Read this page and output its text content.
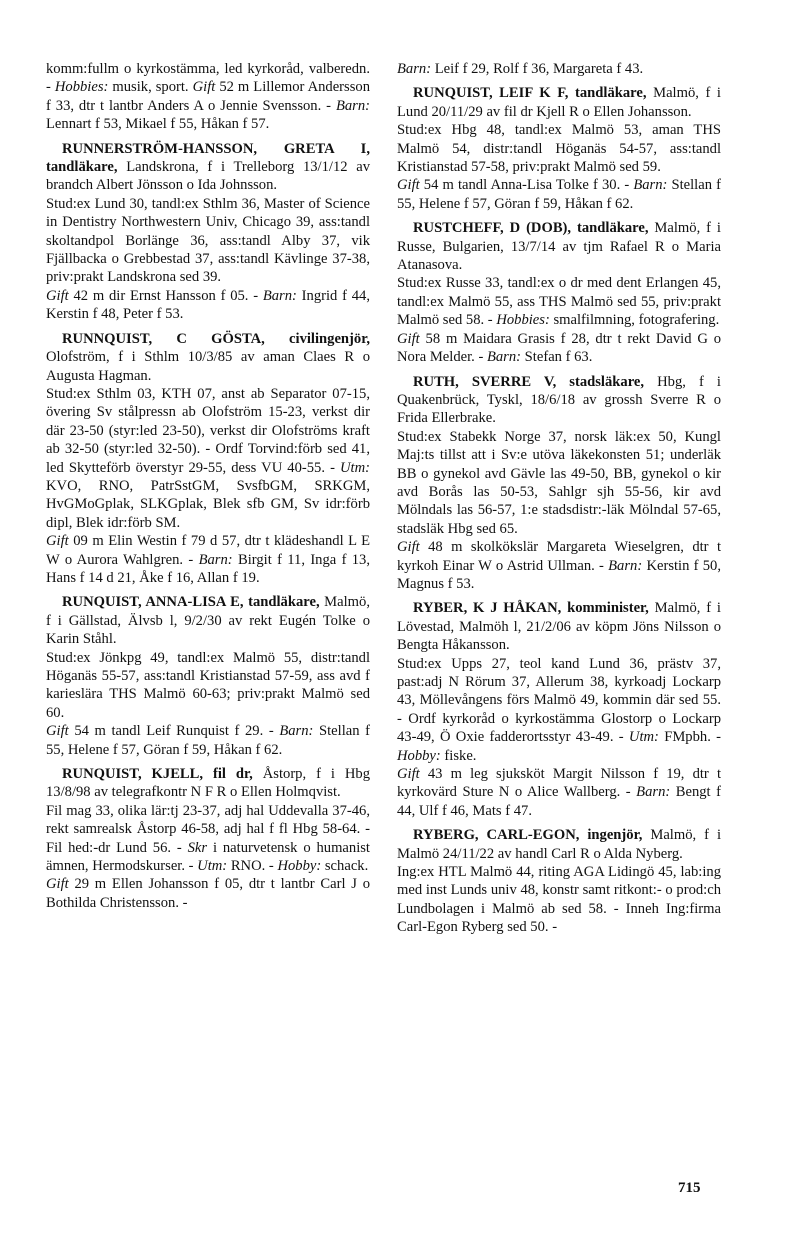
komm:fullm o kyrkostämma, led kyrkoråd, valberedn. - Hobbies: musik, sport. Gift 52 m Lillemor Andersson f 33, dtr t lantbr Anders A o Jennie Svensson. - Barn: Lennart f 53, Mikael f 55, Håkan f 57.

RUNNERSTRÖM-HANSSON, GRETA I, tandläkare, Landskrona, f i Trelleborg 13/1/12 av brandch Albert Jönsson o Ida Johnsson.

Stud:ex Lund 30, tandl:ex Sthlm 36, Master of Science in Dentistry Northwestern Univ, Chicago 39, ass:tandl skoltandpol Borlänge 36, ass:tandl Alby 37, vik Fjällbacka o Grebbestad 37, ass:tandl Kävlinge 37-38, priv:prakt Landskrona sed 39.

Gift 42 m dir Ernst Hansson f 05. - Barn: Ingrid f 44, Kerstin f 48, Peter f 53.

RUNNQUIST, C GÖSTA, civilingenjör, Olofström, f i Sthlm 10/3/85 av aman Claes R o Augusta Hagman.

Stud:ex Sthlm 03, KTH 07, anst ab Separator 07-15, övering Sv stålpressn ab Olofström 15-23, verkst dir där 23-50 (styr:led 23-50), verkst dir Olofströms kraft ab 32-50 (styr:led 32-50). - Ordf Torvind:förb sed 41, led Skytteförb överstyr 29-55, dess VU 40-55. - Utm: KVO, RNO, PatrSstGM, SvsfbGM, SRKGM, HvGMoGplak, SLKGplak, Blek sfb GM, Sv idr:förb dipl, Blek idr:förb SM.

Gift 09 m Elin Westin f 79 d 57, dtr t klädeshandl L E W o Aurora Wahlgren. - Barn: Birgit f 11, Inga f 13, Hans f 14 d 21, Åke f 16, Allan f 19.

RUNQUIST, ANNA-LISA E, tandläkare, Malmö, f i Gällstad, Älvsb l, 9/2/30 av rekt Eugén Tolke o Karin Ståhl.

Stud:ex Jönkpg 49, tandl:ex Malmö 55, distr:tandl Höganäs 55-57, ass:tandl Kristianstad 57-59, ass avd f karieslära THS Malmö 60-63; priv:prakt Malmö sed 60.

Gift 54 m tandl Leif Runquist f 29. - Barn: Stellan f 55, Helene f 57, Göran f 59, Håkan f 62.

RUNQUIST, KJELL, fil dr, Åstorp, f i Hbg 13/8/98 av telegrafkontr N F R o Ellen Holmqvist.

Fil mag 33, olika lär:tj 23-37, adj hal Uddevalla 37-46, rekt samrealsk Åstorp 46-58, adj hal f fl Hbg 58-64. - Fil hed:-dr Lund 56. - Skr i naturvetensk o humanist ämnen, Hermodskurser. - Utm: RNO. - Hobby: schack.

Gift 29 m Ellen Johansson f 05, dtr t lantbr Carl J o Bothilda Christensson. -

Barn: Leif f 29, Rolf f 36, Margareta f 43.

RUNQUIST, LEIF K F, tandläkare, Malmö, f i Lund 20/11/29 av fil dr Kjell R o Ellen Johansson.

Stud:ex Hbg 48, tandl:ex Malmö 53, aman THS Malmö 54, distr:tandl Höganäs 54-57, ass:tandl Kristianstad 57-58, priv:prakt Malmö sed 59.

Gift 54 m tandl Anna-Lisa Tolke f 30. - Barn: Stellan f 55, Helene f 57, Göran f 59, Håkan f 62.

RUSTCHEFF, D (DOB), tandläkare, Malmö, f i Russe, Bulgarien, 13/7/14 av tjm Rafael R o Maria Atanasova.

Stud:ex Russe 33, tandl:ex o dr med dent Erlangen 45, tandl:ex Malmö 55, ass THS Malmö sed 55, priv:prakt Malmö sed 58. - Hobbies: smalfilmning, fotografering.

Gift 58 m Maidara Grasis f 28, dtr t rekt David G o Nora Melder. - Barn: Stefan f 63.

RUTH, SVERRE V, stadsläkare, Hbg, f i Quakenbrück, Tyskl, 18/6/18 av grossh Sverre R o Frida Ellerbrake.

Stud:ex Stabekk Norge 37, norsk läk:ex 50, Kungl Maj:ts tillst att i Sv:e utöva läkekonsten 51; underläk BB o gynekol avd Gävle las 49-50, BB, gynekol o kir avd Borås las 50-53, Sahlgr sjh 55-56, kir avd Mölndals las 56-57, 1:e stadsdistr:-läk Mölndal 57-65, stadsläk Hbg sed 65.

Gift 48 m skolkökslär Margareta Wieselgren, dtr t kyrkoh Einar W o Astrid Ullman. - Barn: Kerstin f 50, Magnus f 53.

RYBER, K J HÅKAN, komminister, Malmö, f i Lövestad, Malmöh l, 21/2/06 av köpm Jöns Nilsson o Bengta Håkansson.

Stud:ex Upps 27, teol kand Lund 36, prästv 37, past:adj N Rörum 37, Allerum 38, kyrkoadj Lockarp 43, Möllevångens förs Malmö 49, kommin där sed 55. - Ordf kyrkoråd o kyrkostämma Glostorp o Lockarp 43-49, Ö Oxie fadderortsstyr 43-49. - Utm: FMpbh. - Hobby: fiske.

Gift 43 m leg sjuksköt Margit Nilsson f 19, dtr t kyrkovärd Sture N o Alice Wallberg. - Barn: Bengt f 44, Ulf f 46, Mats f 47.

RYBERG, CARL-EGON, ingenjör, Malmö, f i Malmö 24/11/22 av handl Carl R o Alda Nyberg.

Ing:ex HTL Malmö 44, riting AGA Lidingö 45, lab:ing med inst Lunds univ 48, konstr samt ritkont:- o prod:ch Lundbolagen i Malmö ab sed 58. - Inneh Ing:firma Carl-Egon Ryberg sed 50. -

715
